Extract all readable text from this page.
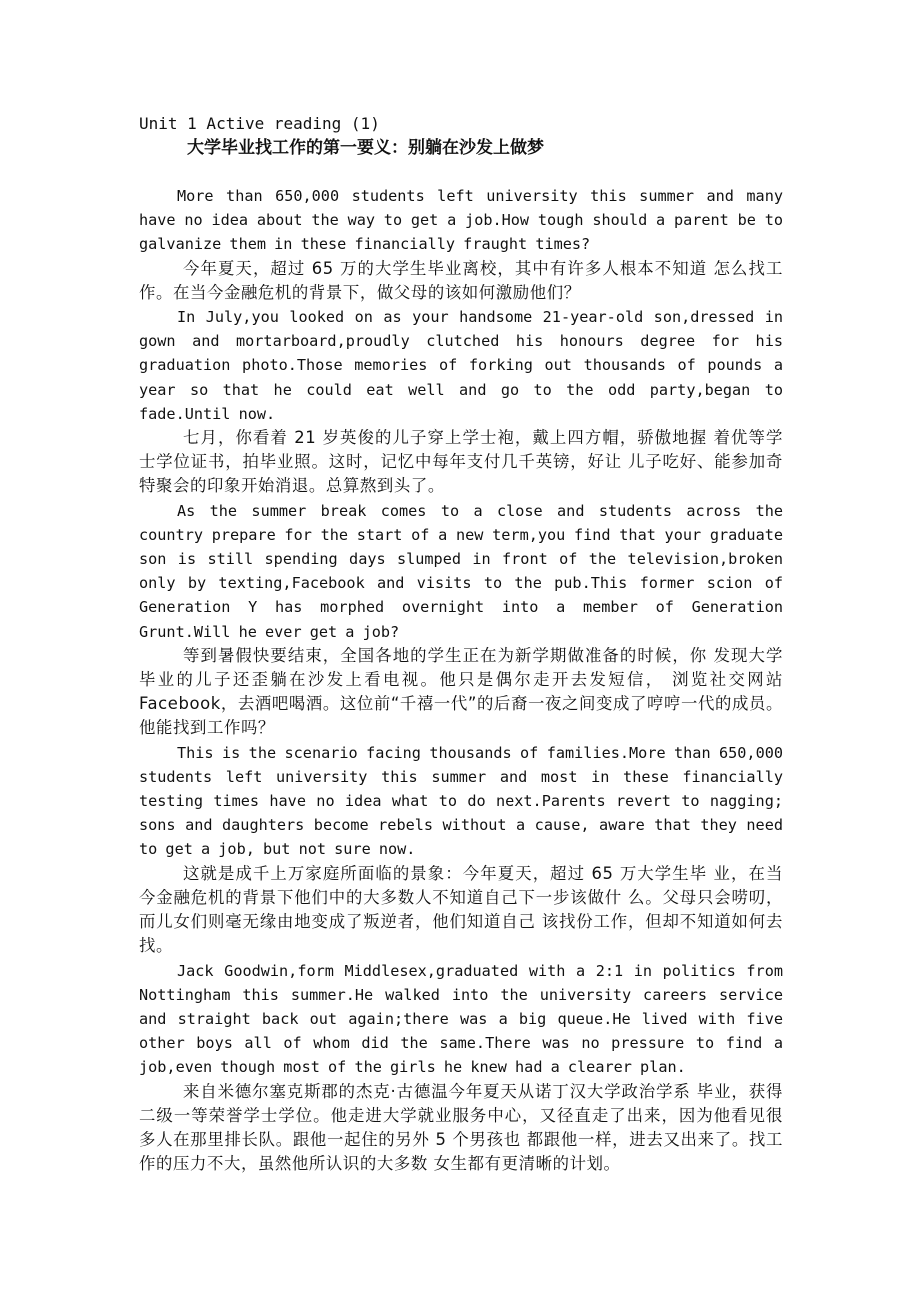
Unit 1 Active reading (1)

大学毕业找工作的第一要义：别躺在沙发上做梦

More than 650,000 students left university this summer and many have no idea about the way to get a job.How tough should a parent be to galvanize them in these financially fraught times?

今年夏天，超过 65 万的大学生毕业离校，其中有许多人根本不知道 怎么找工作。在当今金融危机的背景下，做父母的该如何激励他们？

In July,you looked on as your handsome 21-year-old son,dressed in gown and mortarboard,proudly clutched his honours degree for his graduation photo.Those memories of forking out thousands of pounds a year so that he could eat well and go to the odd party,began to fade.Until now.

七月，你看着 21 岁英俊的儿子穿上学士袍，戴上四方帽，骄傲地握 着优等学士学位证书，拍毕业照。这时，记忆中每年支付几千英镑，好让 儿子吃好、能参加奇特聚会的印象开始消退。总算熬到头了。

As the summer break comes to a close and students across the country prepare for the start of a new term,you find that your graduate son is still spending days slumped in front of the television,broken only by texting,Facebook and visits to the pub.This former scion of Generation Y has morphed overnight into a member of Generation Grunt.Will he ever get a job?

等到暑假快要结束，全国各地的学生正在为新学期做准备的时候，你 发现大学毕业的儿子还歪躺在沙发上看电视。他只是偶尔走开去发短信， 浏览社交网站 Facebook，去酒吧喝酒。这位前“千禧一代”的后裔一夜之间变成了哼哼一代的成员。他能找到工作吗？

This is the scenario facing thousands of families.More than 650,000 students left university this summer and most in these financially testing times have no idea what to do next.Parents revert to nagging; sons and daughters become rebels without a cause, aware that they need to get a job, but not sure now.

这就是成千上万家庭所面临的景象：今年夏天，超过 65 万大学生毕 业，在当今金融危机的背景下他们中的大多数人不知道自己下一步该做什 么。父母只会唠叨，而儿女们则毫无缘由地变成了叛逆者，他们知道自己 该找份工作，但却不知道如何去找。

Jack Goodwin,form Middlesex,graduated with a 2:1 in politics from Nottingham this summer.He walked into the university careers service and straight back out again;there was a big queue.He lived with five other boys all of whom did the same.There was no pressure to find a job,even though most of the girls he knew had a clearer plan.

来自米德尔塞克斯郡的杰克·古德温今年夏天从诺丁汉大学政治学系 毕业，获得二级一等荣誉学士学位。他走进大学就业服务中心，又径直走了出来，因为他看见很多人在那里排长队。跟他一起住的另外 5 个男孩也 都跟他一样，进去又出来了。找工作的压力不大，虽然他所认识的大多数 女生都有更清晰的计划。
